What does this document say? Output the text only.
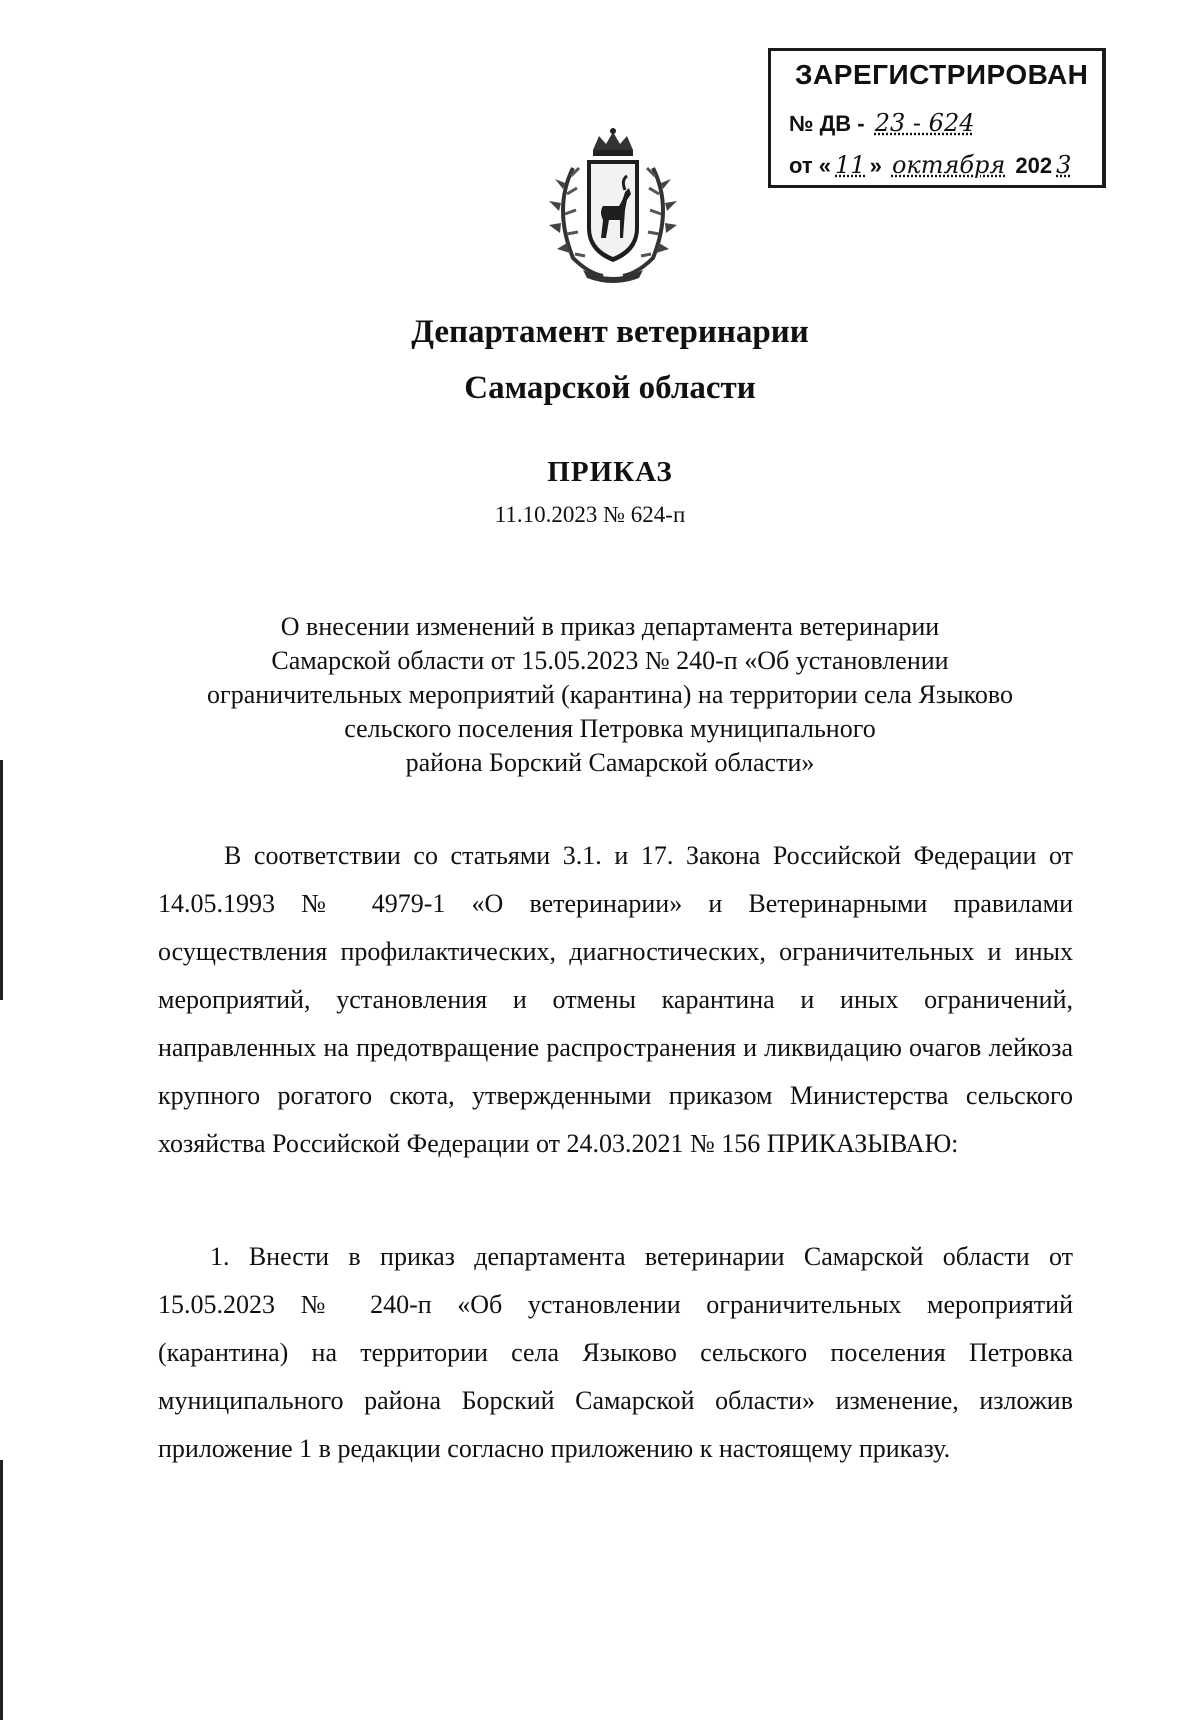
ЗАРЕГИСТРИРОВАН
№ ДВ - 23 - 624
от « 11 » октября 202 3
Департамент ветеринарии
Самарской области
ПРИКАЗ
11.10.2023 № 624-п
О внесении изменений в приказ департамента ветеринарии
Самарской области от 15.05.2023 № 240-п «Об установлении
ограничительных мероприятий (карантина) на территории села Языково
сельского поселения Петровка муниципального
района Борский Самарской области»

В соответствии со статьями 3.1. и 17. Закона Российской Федерации от 14.05.1993 № 4979-1 «О ветеринарии» и Ветеринарными правилами осуществления профилактических, диагностических, ограничительных и иных мероприятий, установления и отмены карантина и иных ограничений, направленных на предотвращение распространения и ликвидацию очагов лейкоза крупного рогатого скота, утвержденными приказом Министерства сельского хозяйства Российской Федерации от 24.03.2021 № 156 ПРИКАЗЫВАЮ:

1. Внести в приказ департамента ветеринарии Самарской области от 15.05.2023 № 240-п «Об установлении ограничительных мероприятий (карантина) на территории села Языково сельского поселения Петровка муниципального района Борский Самарской области» изменение, изложив приложение 1 в редакции согласно приложению к настоящему приказу.
